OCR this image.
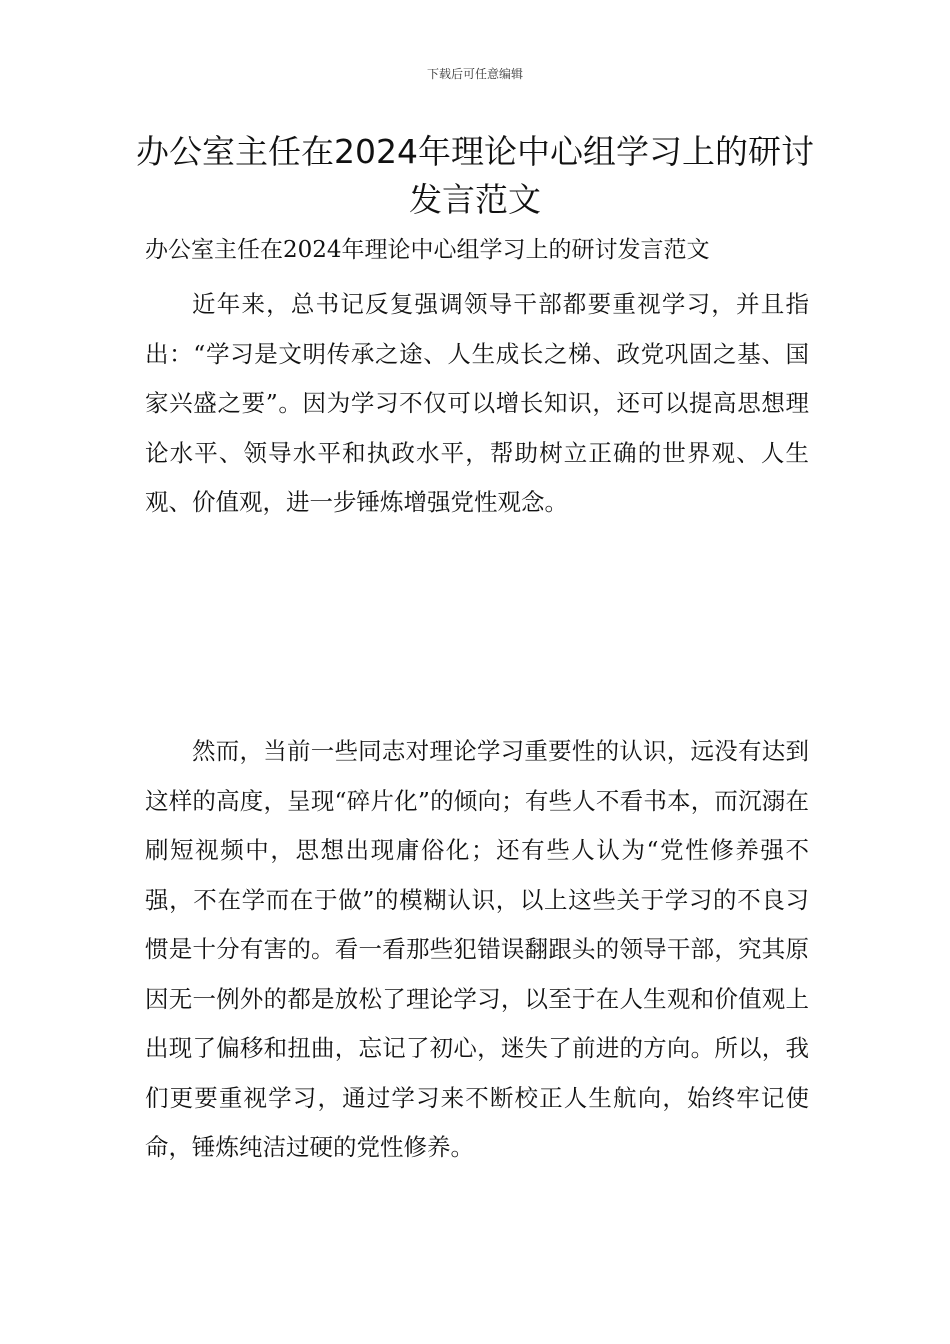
下载后可任意编辑
办公室主任在2024年理论中心组学习上的研讨发言范文
办公室主任在2024年理论中心组学习上的研讨发言范文

近年来，总书记反复强调领导干部都要重视学习，并且指出：“学习是文明传承之途、人生成长之梯、政党巩固之基、国家兴盛之要”。因为学习不仅可以增长知识，还可以提高思想理论水平、领导水平和执政水平，帮助树立正确的世界观、人生观、价值观，进一步锤炼增强党性观念。

然而，当前一些同志对理论学习重要性的认识，远没有达到这样的高度，呈现“碎片化”的倾向；有些人不看书本，而沉溺在刷短视频中，思想出现庸俗化；还有些人认为“党性修养强不强，不在学而在于做”的模糊认识，以上这些关于学习的不良习惯是十分有害的。看一看那些犯错误翻跟头的领导干部，究其原因无一例外的都是放松了理论学习，以至于在人生观和价值观上出现了偏移和扭曲，忘记了初心，迷失了前进的方向。所以，我们更要重视学习，通过学习来不断校正人生航向，始终牢记使命，锤炼纯洁过硬的党性修养。
